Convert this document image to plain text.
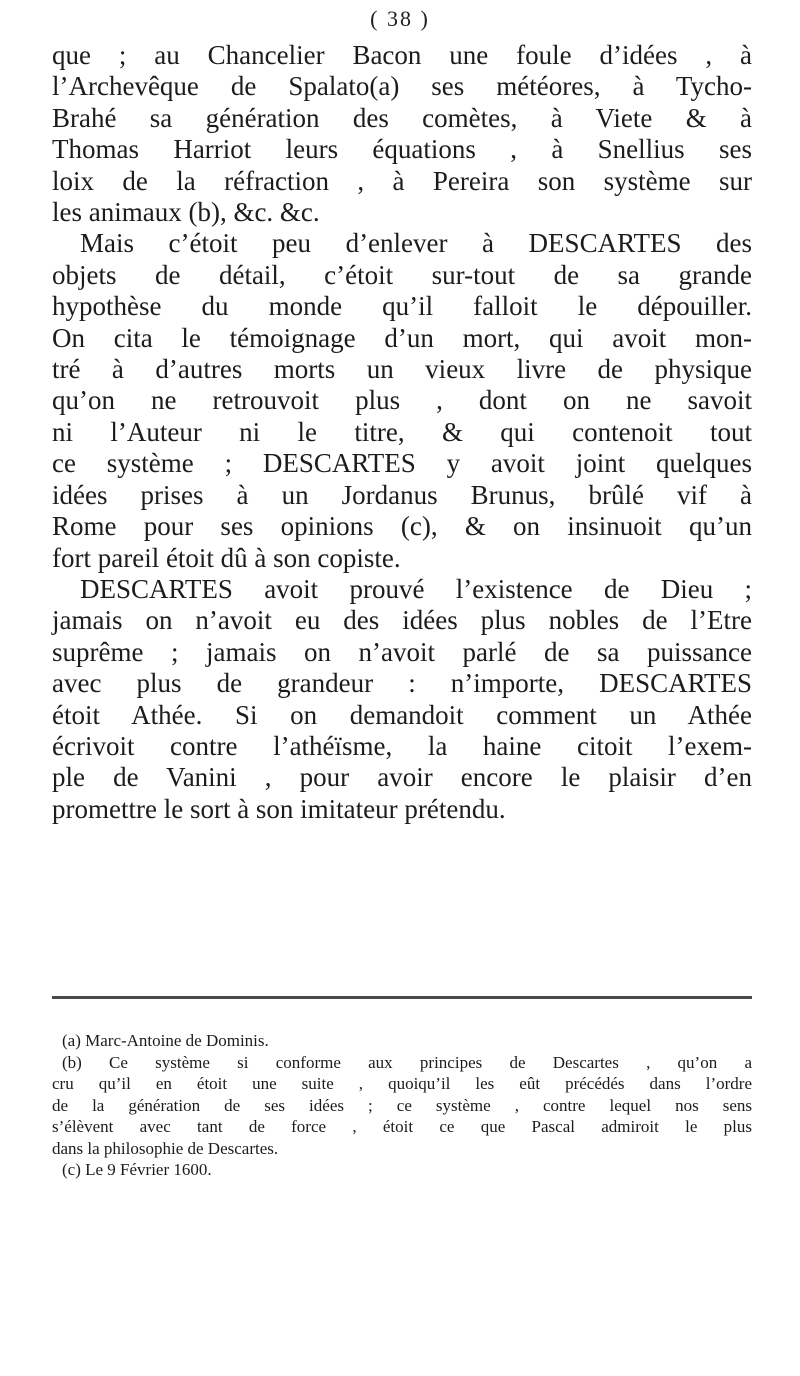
( 38 )
que ; au Chancelier Bacon une foule d’idées , à
l’Archevêque de Spalato(a) ses météores, à Tycho-
Brahé sa génération des comètes, à Viete & à
Thomas Harriot leurs équations , à Snellius ses
loix de la réfraction , à Pereira son système sur
les animaux (b), &c. &c.
Mais c’étoit peu d’enlever à DESCARTES des
objets de détail, c’étoit sur-tout de sa grande
hypothèse du monde qu’il falloit le dépouiller.
On cita le témoignage d’un mort, qui avoit mon-
tré à d’autres morts un vieux livre de physique
qu’on ne retrouvoit plus , dont on ne savoit
ni l’Auteur ni le titre, & qui contenoit tout
ce système ; DESCARTES y avoit joint quelques
idées prises à un Jordanus Brunus, brûlé vif à
Rome pour ses opinions (c), & on insinuoit qu’un
fort pareil étoit dû à son copiste.
DESCARTES avoit prouvé l’existence de Dieu ;
jamais on n’avoit eu des idées plus nobles de l’Etre
suprême ; jamais on n’avoit parlé de sa puissance
avec plus de grandeur : n’importe, DESCARTES
étoit Athée. Si on demandoit comment un Athée
écrivoit contre l’athéïsme, la haine citoit l’exem-
ple de Vanini , pour avoir encore le plaisir d’en
promettre le sort à son imitateur prétendu.
(a) Marc-Antoine de Dominis.
(b) Ce système si conforme aux principes de Descartes , qu’on a
cru qu’il en étoit une suite , quoiqu’il les eût précédés dans l’ordre
de la génération de ses idées ; ce système , contre lequel nos sens
s’élèvent avec tant de force , étoit ce que Pascal admiroit le plus
dans la philosophie de Descartes.
(c) Le 9 Février 1600.
